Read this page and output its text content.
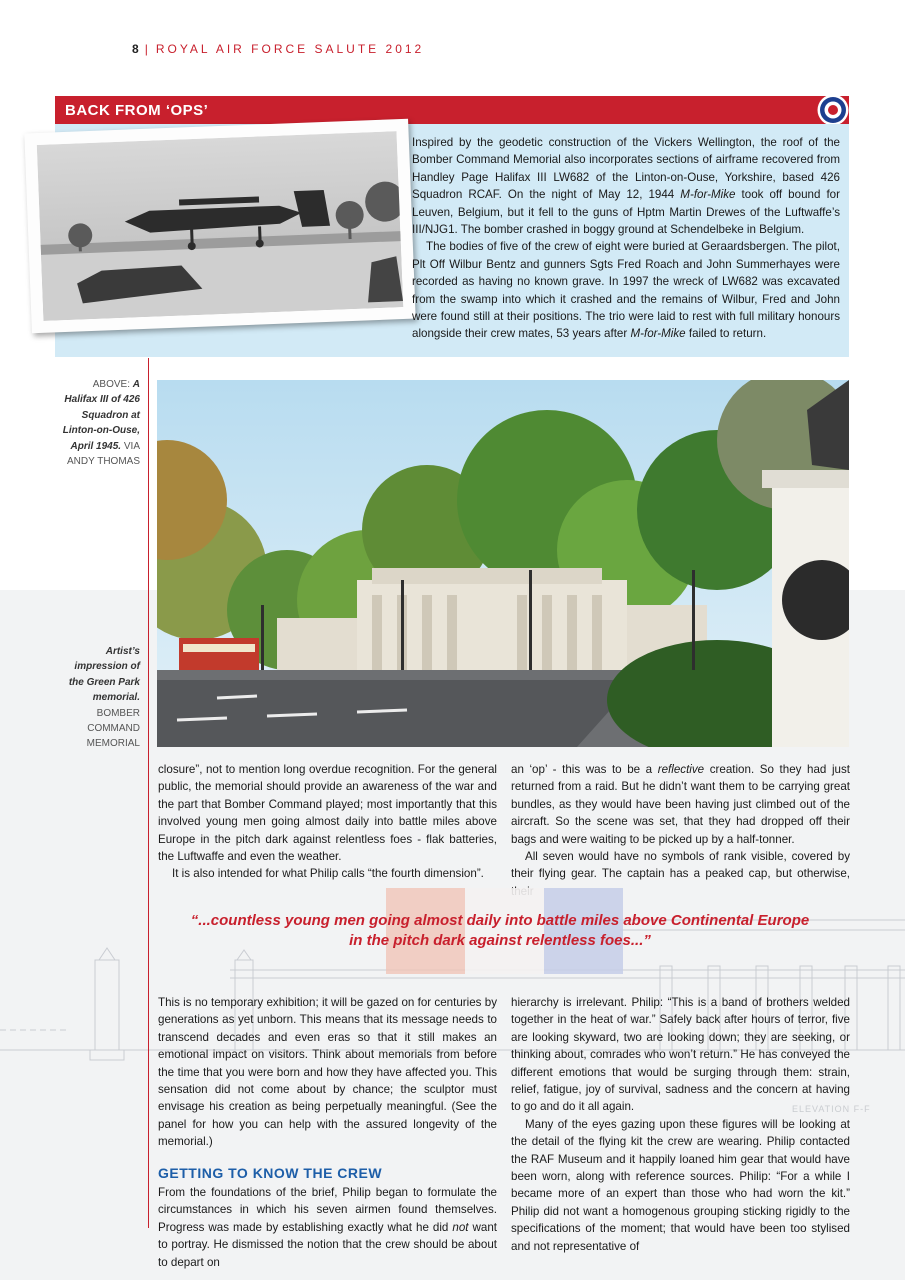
ELEVATION F-F
8 | ROYAL AIR FORCE SALUTE 2012
BACK FROM ‘OPS’

Inspired by the geodetic construction of the Vickers Wellington, the roof of the Bomber Command Memorial also incorporates sections of airframe recovered from Handley Page Halifax III LW682 of the Linton-on-Ouse, Yorkshire, based 426 Squadron RCAF. On the night of May 12, 1944 M-for-Mike took off bound for Leuven, Belgium, but it fell to the guns of Hptm Martin Drewes of the Luftwaffe’s III/NJG1. The bomber crashed in boggy ground at Schendelbeke in Belgium.

The bodies of five of the crew of eight were buried at Geraardsbergen. The pilot, Plt Off Wilbur Bentz and gunners Sgts Fred Roach and John Summerhayes were recorded as having no known grave. In 1997 the wreck of LW682 was excavated from the swamp into which it crashed and the remains of Wilbur, Fred and John were found still at their positions. The trio were laid to rest with full military honours alongside their crew mates, 53 years after M-for-Mike failed to return.

ABOVE: A Halifax III of 426 Squadron at Linton-on-Ouse, April 1945. VIA ANDY THOMAS
Artist’s impression of the Green Park memorial. BOMBER COMMAND MEMORIAL

closure”, not to mention long overdue recognition. For the general public, the memorial should provide an awareness of the war and the part that Bomber Command played; most importantly that this involved young men going almost daily into battle miles above Europe in the pitch dark against relentless foes - flak batteries, the Luftwaffe and even the weather.

It is also intended for what Philip calls “the fourth dimension”.

an ‘op’ - this was to be a reflective creation. So they had just returned from a raid. But he didn’t want them to be carrying great bundles, as they would have been having just climbed out of the aircraft. So the scene was set, that they had dropped off their bags and were waiting to be picked up by a half-tonner.

All seven would have no symbols of rank visible, covered by their flying gear. The captain has a peaked cap, but otherwise,

“...countless young men going almost daily into battle miles above Continental Europe
in the pitch dark against relentless foes...”

This is no temporary exhibition; it will be gazed on for centuries by generations as yet unborn. This means that its message needs to transcend decades and even eras so that it still makes an emotional impact on visitors. Think about memorials from before the time that you were born and how they have affected you. This sensation did not come about by chance; the sculptor must envisage his creation as being perpetually meaningful. (See the panel for how you can help with the assured longevity of the memorial.)

GETTING TO KNOW THE CREW

From the foundations of the brief, Philip began to formulate the circumstances in which his seven airmen found themselves. Progress was made by establishing exactly what he did not want to portray. He dismissed the notion that the crew should be about to depart on

hierarchy is irrelevant. Philip: “This is a band of brothers welded together in the heat of war.” Safely back after hours of terror, five are looking skyward, two are looking down; they are seeking, or thinking about, comrades who won’t return.” He has conveyed the different emotions that would be surging through them: strain, relief, fatigue, joy of survival, sadness and the concern at having to go and do it all again.

Many of the eyes gazing upon these figures will be looking at the detail of the flying kit the crew are wearing. Philip contacted the RAF Museum and it happily loaned him gear that would have been worn, along with reference sources. Philip: “For a while I became more of an expert than those who had worn the kit.” Philip did not want a homogenous grouping sticking rigidly to the specifications of the moment; that would have been too stylised and not representative of
